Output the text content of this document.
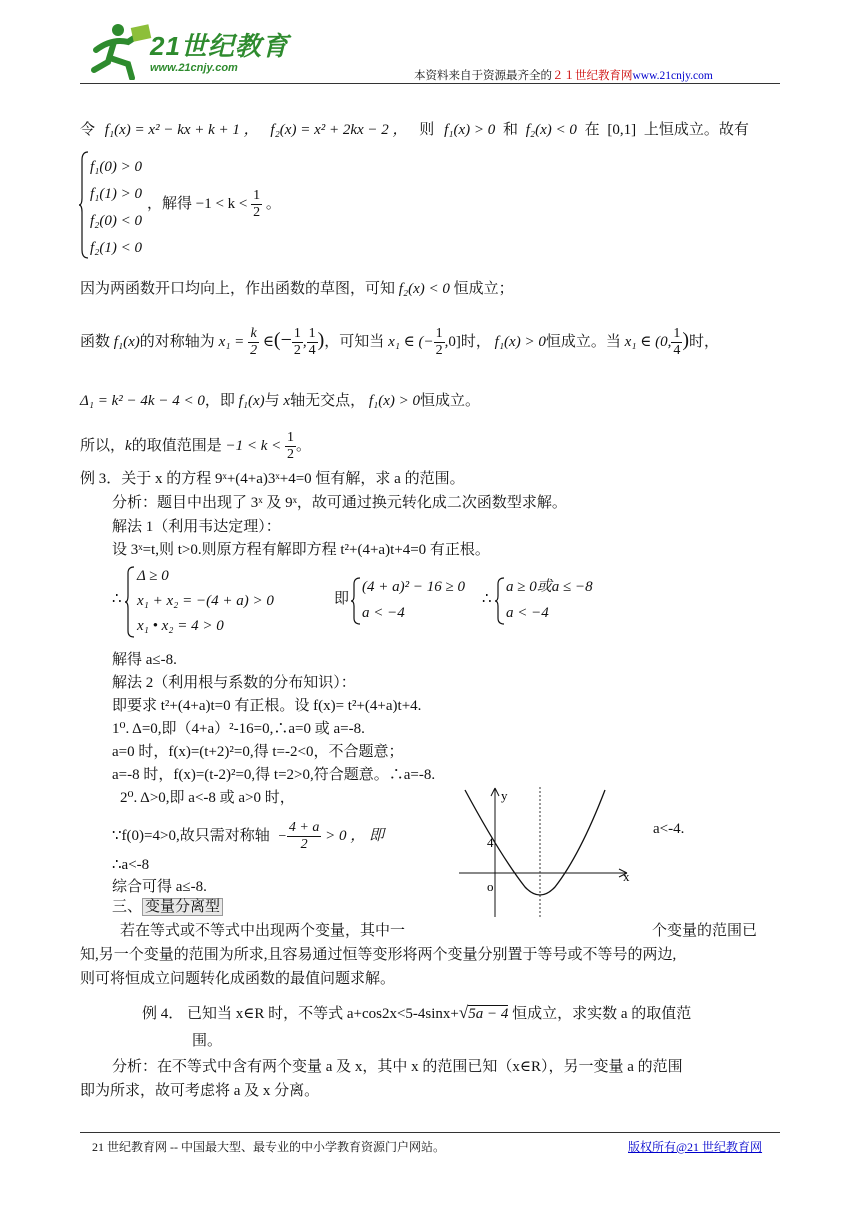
21世纪教育
www.21cnjy.com
本资料来自于资源最齐全的２１世纪教育网www.21cnjy.com
令 f₁(x) = x² − kx + k + 1 ， f₂(x) = x² + 2kx − 2 ， 则 f₁(x) > 0 和 f₂(x) < 0 在 [0,1] 上恒成立。故有
f₁(0) > 0
f₁(1) > 0
f₂(0) < 0
f₂(1) < 0
，解得 $-1 < k < \frac{1}{2}$ 。
因为两函数开口均向上，作出函数的草图，可知 f₂(x) < 0 恒成立；
函数 f₁(x)的对称轴为 $x_1 = \frac{k}{2}$ ∈(− $\frac{1}{2}$ , $\frac{1}{4}$ )，可知当 x₁ ∈ (− $\frac{1}{2} ,0$]时， f₁(x) > 0恒成立。当 x₁ ∈ (0, $\frac{1}{4}$ )时，
Δ₁ = k² − 4k − 4 < 0，即 f₁(x)与 x轴无交点， f₁(x) > 0恒成立。
所以，k的取值范围是 $-1 < k < \frac{1}{2}$ 。
例 3．关于 x 的方程 9ˣ+(4+a)3ˣ+4=0 恒有解，求 a 的范围。
分析：题目中出现了 3ˣ 及 9ˣ，故可通过换元转化成二次函数型求解。
解法 1（利用韦达定理）：
设 3ˣ=t,则 t>0.则原方程有解即方程 t²+(4+a)t+4=0 有正根。
∴
Δ ≥ 0
x₁ + x₂ = −(4 + a) > 0
x₁ • x₂ = 4 > 0
即
(4 + a)² − 16 ≥ 0
a < −4
∴
a ≥ 0或a ≤ −8
a < −4
解得 a≤-8.
解法 2（利用根与系数的分布知识）：
即要求 t²+(4+a)t=0 有正根。设 f(x)= t²+(4+a)t+4.
1⁰. Δ=0,即（4+a）²-16=0,∴a=0 或 a=-8.
a=0 时，f(x)=(t+2)²=0,得 t=-2<0，不合题意；
a=-8 时，f(x)=(t-2)²=0,得 t=2>0,符合题意。∴a=-8.
2⁰. Δ>0,即 a<-8 或 a>0 时，
∵f(0)=4>0,故只需对称轴 − $\frac{4 + a}{2} > 0$ ， 即	a<-4.
∴a<-8
综合可得 a≤-8.
y
4
x
o
三、 变量分离型
若在等式或不等式中出现两个变量，其中一	个变量的范围已
知,另一个变量的范围为所求,且容易通过恒等变形将两个变量分别置于等号或不等号的两边,
则可将恒成立问题转化成函数的最值问题求解。
例 4． 已知当 x∈R 时，不等式 a+cos2x<5-4sinx+√5a − 4 恒成立，求实数 a 的取值范
围。
分析：在不等式中含有两个变量 a 及 x，其中 x 的范围已知（x∈R），另一变量 a 的范围
即为所求，故可考虑将 a 及 x 分离。
21 世纪教育网 -- 中国最大型、最专业的中小学教育资源门户网站。	版权所有@21 世纪教育网
